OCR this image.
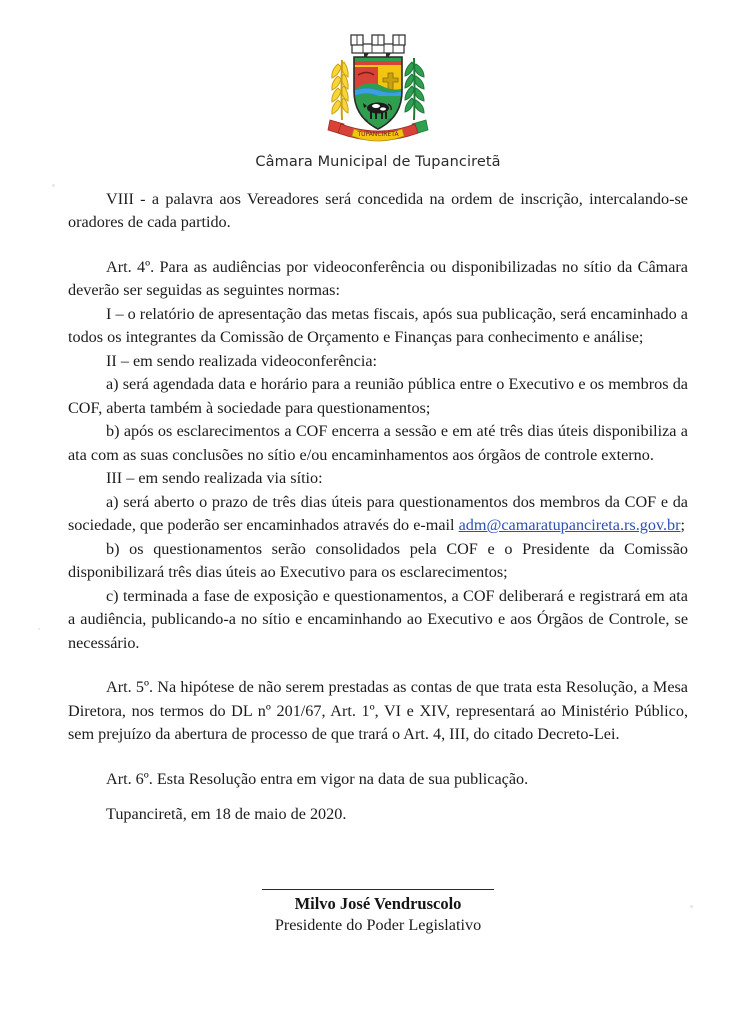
TUPANCIRETÃ
Câmara Municipal de Tupanciretã

VIII - a palavra aos Vereadores será concedida na ordem de inscrição, intercalando-se oradores de cada partido.

Art. 4º. Para as audiências por videoconferência ou disponibilizadas no sítio da Câmara deverão ser seguidas as seguintes normas:

I – o relatório de apresentação das metas fiscais, após sua publicação, será encaminhado a todos os integrantes da Comissão de Orçamento e Finanças para conhecimento e análise;

II – em sendo realizada videoconferência:

a) será agendada data e horário para a reunião pública entre o Executivo e os membros da COF, aberta também à sociedade para questionamentos;

b) após os esclarecimentos a COF encerra a sessão e em até três dias úteis disponibiliza a ata com as suas conclusões no sítio e/ou encaminhamentos aos órgãos de controle externo.

III – em sendo realizada via sítio:

a) será aberto o prazo de três dias úteis para questionamentos dos membros da COF e da sociedade, que poderão ser encaminhados através do e-mail adm@camaratupancireta.rs.gov.br;

b) os questionamentos serão consolidados pela COF e o Presidente da Comissão disponibilizará três dias úteis ao Executivo para os esclarecimentos;

c) terminada a fase de exposição e questionamentos, a COF deliberará e registrará em ata a audiência, publicando-a no sítio e encaminhando ao Executivo e aos Órgãos de Controle, se necessário.

Art. 5º. Na hipótese de não serem prestadas as contas de que trata esta Resolução, a Mesa Diretora, nos termos do DL nº 201/67, Art. 1º, VI e XIV, representará ao Ministério Público, sem prejuízo da abertura de processo de que trará o Art. 4, III, do citado Decreto-Lei.

Art. 6º. Esta Resolução entra em vigor na data de sua publicação.

Tupanciretã, em 18 de maio de 2020.

Milvo José Vendruscolo
Presidente do Poder Legislativo
